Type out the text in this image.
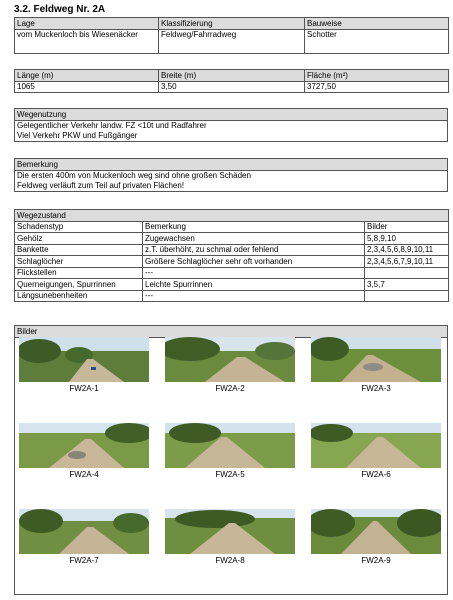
3.2. Feldweg Nr. 2A
Lage	Klassifizierung	Bauweise
vom Muckenloch bis Wiesenäcker	Feldweg/Fahrradweg	Schotter
Länge (m)	Breite (m)	Fläche (m²)
1065	3,50	3727,50
Wegenutzung

Gelegentlicher Verkehr landw. FZ <10t und Radfahrer
Viel Verkehr PKW und Fußgänger
Bemerkung

Die ersten 400m von Muckenloch weg sind ohne großen Schäden
Feldweg verläuft zum Teil auf privaten Flächen!
Wegezustand		
Schadenstyp	Bemerkung	Bilder
Gehölz	Zugewachsen	5,8,9,10
Bankette	z.T. überhöht, zu schmal oder fehlend	2,3,4,5,6,8,9,10,11
Schlaglöcher	Größere Schlaglöcher sehr oft vorhanden	2,3,4,5,6,7,9,10,11
Flickstellen	---	
Querneigungen, Spurrinnen	Leichte Spurrinnen	3,5,7
Längsunebenheiten	---	
Bilder

FW2A-1	FW2A-2	FW2A-3
FW2A-4	FW2A-5	FW2A-6
FW2A-7	FW2A-8	FW2A-9
